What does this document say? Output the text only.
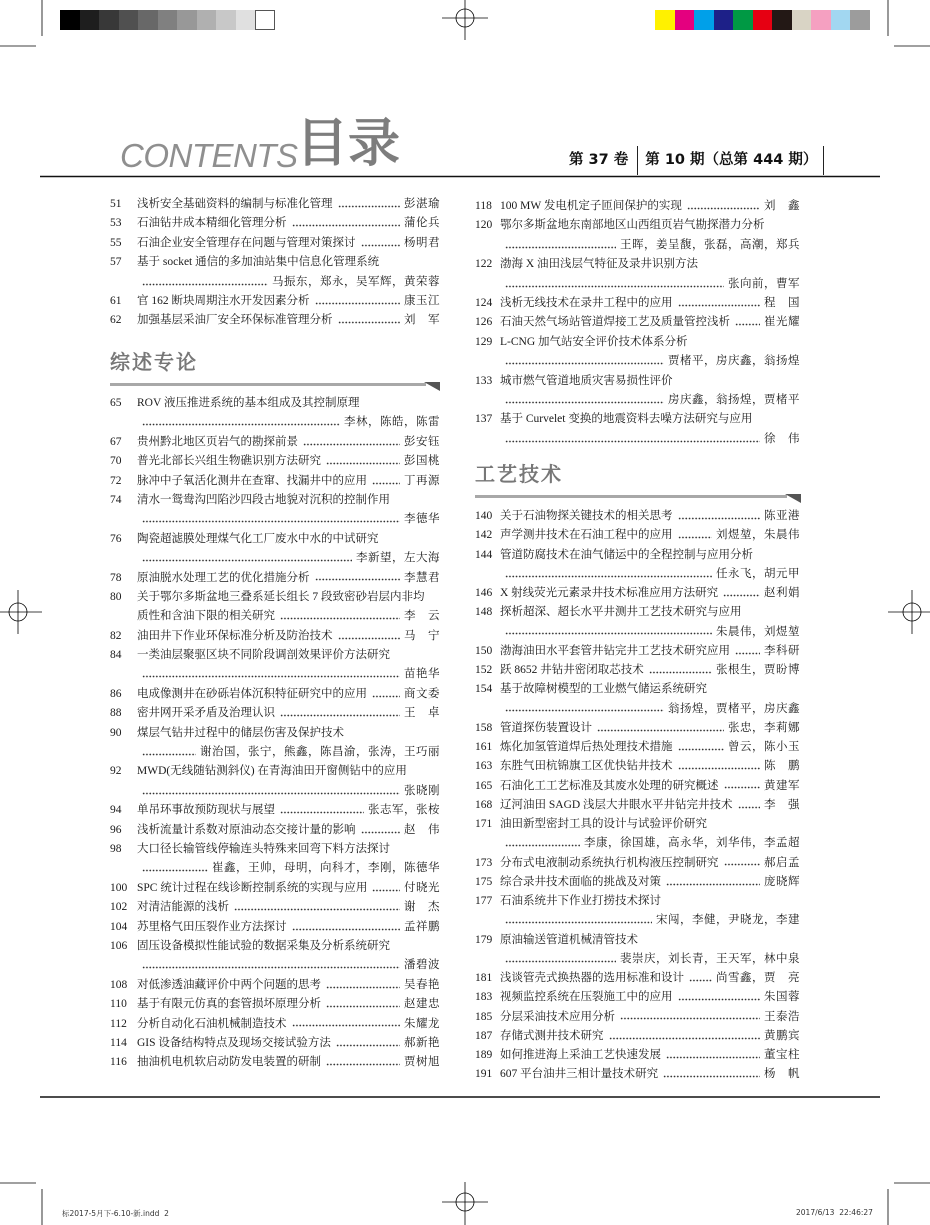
CONTENTS
目录	第 37 卷	第 10 期（总第 444 期）
51	浅析安全基础资料的编制与标准化管理	彭湛瑜
53	石油钻井成本精细化管理分析	蒲伦兵
55	石油企业安全管理存在问题与管理对策探讨	杨明君
57	基于 socket 通信的多加油站集中信息化管理系统
马振东，郑永，吴军辉，黄荣蓉
61	官 162 断块周期注水开发因素分析	康玉江
62	加强基层采油厂安全环保标准管理分析	刘　军
综述专论
65	ROV 液压推进系统的基本组成及其控制原理
李林，陈皓，陈雷
67	贵州黔北地区页岩气的勘探前景	彭安钰
70	普光北部长兴组生物礁识别方法研究	彭国桃
72	脉冲中子氧活化测井在查窜、找漏井中的应用	丁再源
74	清水一鸳鸯沟凹陷沙四段古地貌对沉积的控制作用
李德华
76	陶瓷超滤膜处理煤气化工厂废水中水的中试研究
李新望，左大海
78	原油脱水处理工艺的优化措施分析	李慧君
80	关于鄂尔多斯盆地三叠系延长组长 7 段致密砂岩层内非均
质性和含油下限的相关研究	李　云
82	油田井下作业环保标准分析及防治技术	马　宁
84	一类油层聚驱区块不同阶段调剖效果评价方法研究
苗艳华
86	电成像测井在砂砾岩体沉积特征研究中的应用	商文委
88	密井网开采矛盾及治理认识	王　卓
90	煤层气钻井过程中的储层伤害及保护技术
谢治国，张宁，熊鑫，陈昌渝，张涛，王巧丽
92	MWD(无线随钻测斜仪) 在青海油田开窗侧钻中的应用
张晓刚
94	单吊环事故预防现状与展望	张志军，张桉
96	浅析流量计系数对原油动态交接计量的影响	赵　伟
98	大口径长输管线停输连头特殊来回弯下料方法探讨
崔鑫，王帅，母明，向科才，李刚，陈德华
100 SPC 统计过程在线诊断控制系统的实现与应用	付晓光
102 对清洁能源的浅析	谢　杰
104 苏里格气田压裂作业方法探讨	孟祥鹏
106 固压设备模拟性能试验的数据采集及分析系统研究
潘碧波
108 对低渗透油藏评价中两个问题的思考	吴春艳
110 基于有限元仿真的套管损坏原理分析	赵建忠
112 分析自动化石油机械制造技术	朱耀龙
114 GIS 设备结构特点及现场交接试验方法	郝新艳
116 抽油机电机软启动防发电装置的研制	贾树旭
118 100 MW 发电机定子匝间保护的实现	刘　鑫
120 鄂尔多斯盆地东南部地区山西组页岩气勘探潜力分析
王晖，姜呈馥，张磊，高潮，郑兵
122 渤海 X 油田浅层气特征及录井识别方法
张向前，曹军
124 浅析无线技术在录井工程中的应用	程　国
126 石油天然气场站管道焊接工艺及质量管控浅析	崔光耀
129 L-CNG 加气站安全评价技术体系分析
贾楮平，房庆鑫，翁扬煌
133 城市燃气管道地质灾害易损性评价
房庆鑫，翁扬煌，贾楮平
137 基于 Curvelet 变换的地震资料去噪方法研究与应用
徐　伟
工艺技术
140 关于石油物探关键技术的相关思考	陈亚港
142 声学测井技术在石油工程中的应用	刘煜堃，朱晨伟
144 管道防腐技术在油气储运中的全程控制与应用分析
任永飞，胡元甲
146 X 射线荧光元素录井技术标准应用方法研究	赵利娟
148 探析超深、超长水平井测井工艺技术研究与应用
朱晨伟，刘煜堃
150 渤海油田水平套管井钻完井工艺技术研究应用	李科研
152 跃 8652 井钻井密闭取芯技术	张根生，贾昐博
154 基于故障树模型的工业燃气储运系统研究
翁扬煌，贾楮平，房庆鑫
158 管道探伤装置设计	张忠，李莉娜
161 炼化加氢管道焊后热处理技术措施	曾云，陈小玉
163 东胜气田杭锦旗工区优快钻井技术	陈　鹏
165 石油化工工艺标准及其废水处理的研究概述	黄建军
168 辽河油田 SAGD 浅层大井眼水平井钻完井技术	李　强
171 油田新型密封工具的设计与试验评价研究
李康，徐国雄，高永华，刘华伟，李孟超
173 分布式电液制动系统执行机构液压控制研究	郝启孟
175 综合录井技术面临的挑战及对策	庞晓辉
177 石油系统井下作业打捞技术探讨
宋闯，李健，尹晓龙，李建
179 原油输送管道机械清管技术
裴崇庆，刘长青，王天军，林中泉
181 浅谈管壳式换热器的选用标准和设计	尚雪鑫，贾　亮
183 视频监控系统在压裂施工中的应用	朱国蓉
185 分层采油技术应用分析	王泰浩
187 存储式测井技术研究	黄鹏宾
189 如何推进海上采油工艺快速发展	董宝柱
191 607 平台油井三相计量技术研究	杨　帆
标2017-5月下-6.10-新.indd  2	2017/6/13  22:46:27
